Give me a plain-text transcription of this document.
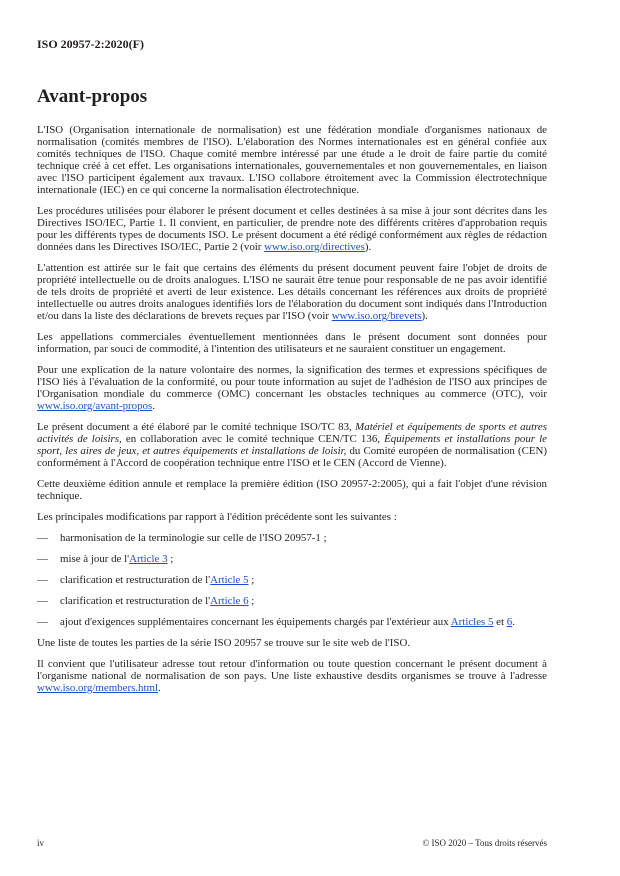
ISO 20957-2:2020(F)
Avant-propos

L'ISO (Organisation internationale de normalisation) est une fédération mondiale d'organismes nationaux de normalisation (comités membres de l'ISO). L'élaboration des Normes internationales est en général confiée aux comités techniques de l'ISO. Chaque comité membre intéressé par une étude a le droit de faire partie du comité technique créé à cet effet. Les organisations internationales, gouvernementales et non gouvernementales, en liaison avec l'ISO participent également aux travaux. L'ISO collabore étroitement avec la Commission électrotechnique internationale (IEC) en ce qui concerne la normalisation électrotechnique.

Les procédures utilisées pour élaborer le présent document et celles destinées à sa mise à jour sont décrites dans les Directives ISO/IEC, Partie 1. Il convient, en particulier, de prendre note des différents critères d'approbation requis pour les différents types de documents ISO. Le présent document a été rédigé conformément aux règles de rédaction données dans les Directives ISO/IEC, Partie 2 (voir www.iso.org/directives).

L'attention est attirée sur le fait que certains des éléments du présent document peuvent faire l'objet de droits de propriété intellectuelle ou de droits analogues. L'ISO ne saurait être tenue pour responsable de ne pas avoir identifié de tels droits de propriété et averti de leur existence. Les détails concernant les références aux droits de propriété intellectuelle ou autres droits analogues identifiés lors de l'élaboration du document sont indiqués dans l'Introduction et/ou dans la liste des déclarations de brevets reçues par l'ISO (voir www.iso.org/brevets).

Les appellations commerciales éventuellement mentionnées dans le présent document sont données pour information, par souci de commodité, à l'intention des utilisateurs et ne sauraient constituer un engagement.

Pour une explication de la nature volontaire des normes, la signification des termes et expressions spécifiques de l'ISO liés à l'évaluation de la conformité, ou pour toute information au sujet de l'adhésion de l'ISO aux principes de l'Organisation mondiale du commerce (OMC) concernant les obstacles techniques au commerce (OTC), voir www.iso.org/avant-propos.

Le présent document a été élaboré par le comité technique ISO/TC 83, Matériel et équipements de sports et autres activités de loisirs, en collaboration avec le comité technique CEN/TC 136, Équipements et installations pour le sport, les aires de jeux, et autres équipements et installations de loisir, du Comité européen de normalisation (CEN) conformément à l'Accord de coopération technique entre l'ISO et le CEN (Accord de Vienne).

Cette deuxième édition annule et remplace la première édition (ISO 20957-2:2005), qui a fait l'objet d'une révision technique.

Les principales modifications par rapport à l'édition précédente sont les suivantes :

—	harmonisation de la terminologie sur celle de l'ISO 20957-1 ;
—	mise à jour de l'Article 3 ;
—	clarification et restructuration de l'Article 5 ;
—	clarification et restructuration de l'Article 6 ;
—	ajout d'exigences supplémentaires concernant les équipements chargés par l'extérieur aux Articles 5 et 6.

Une liste de toutes les parties de la série ISO 20957 se trouve sur le site web de l'ISO.

Il convient que l'utilisateur adresse tout retour d'information ou toute question concernant le présent document à l'organisme national de normalisation de son pays. Une liste exhaustive desdits organismes se trouve à l'adresse www.iso.org/members.html.

iv	© ISO 2020 – Tous droits réservés
